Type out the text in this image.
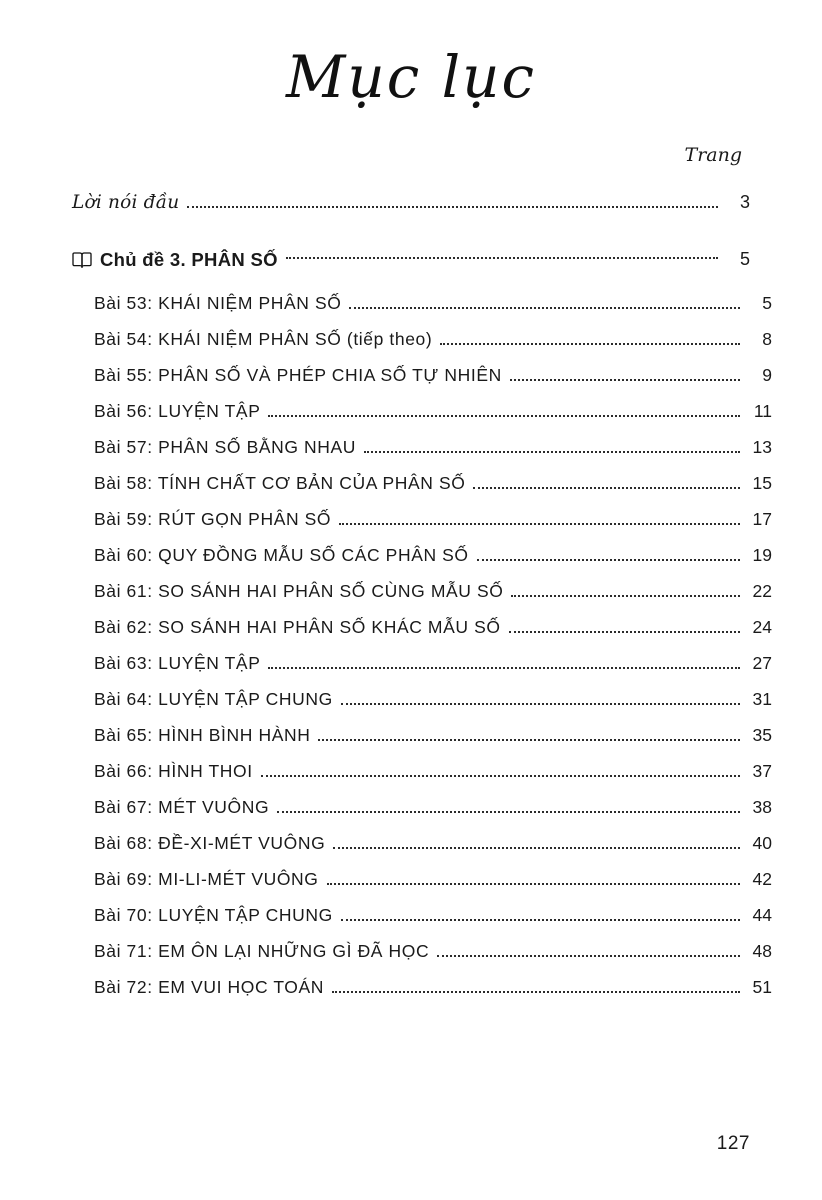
Mục lục
Trang
Lời nói đầu	3
Chủ đề 3. PHÂN SỐ	5
Bài 53: KHÁI NIỆM PHÂN SỐ	5
Bài 54: KHÁI NIỆM PHÂN SỐ (tiếp theo)	8
Bài 55: PHÂN SỐ VÀ PHÉP CHIA SỐ TỰ NHIÊN	9
Bài 56: LUYỆN TẬP	11
Bài 57: PHÂN SỐ BẰNG NHAU	13
Bài 58: TÍNH CHẤT CƠ BẢN CỦA PHÂN SỐ	15
Bài 59: RÚT GỌN PHÂN SỐ	17
Bài 60: QUY ĐỒNG MẪU SỐ CÁC PHÂN SỐ	19
Bài 61: SO SÁNH HAI PHÂN SỐ CÙNG MẪU SỐ	22
Bài 62: SO SÁNH HAI PHÂN SỐ KHÁC MẪU SỐ	24
Bài 63: LUYỆN TẬP	27
Bài 64: LUYỆN TẬP CHUNG	31
Bài 65: HÌNH BÌNH HÀNH	35
Bài 66: HÌNH THOI	37
Bài 67: MÉT VUÔNG	38
Bài 68: ĐỀ-XI-MÉT VUÔNG	40
Bài 69: MI-LI-MÉT VUÔNG	42
Bài 70: LUYỆN TẬP CHUNG	44
Bài 71: EM ÔN LẠI NHỮNG GÌ ĐÃ HỌC	48
Bài 72: EM VUI HỌC TOÁN	51
127
